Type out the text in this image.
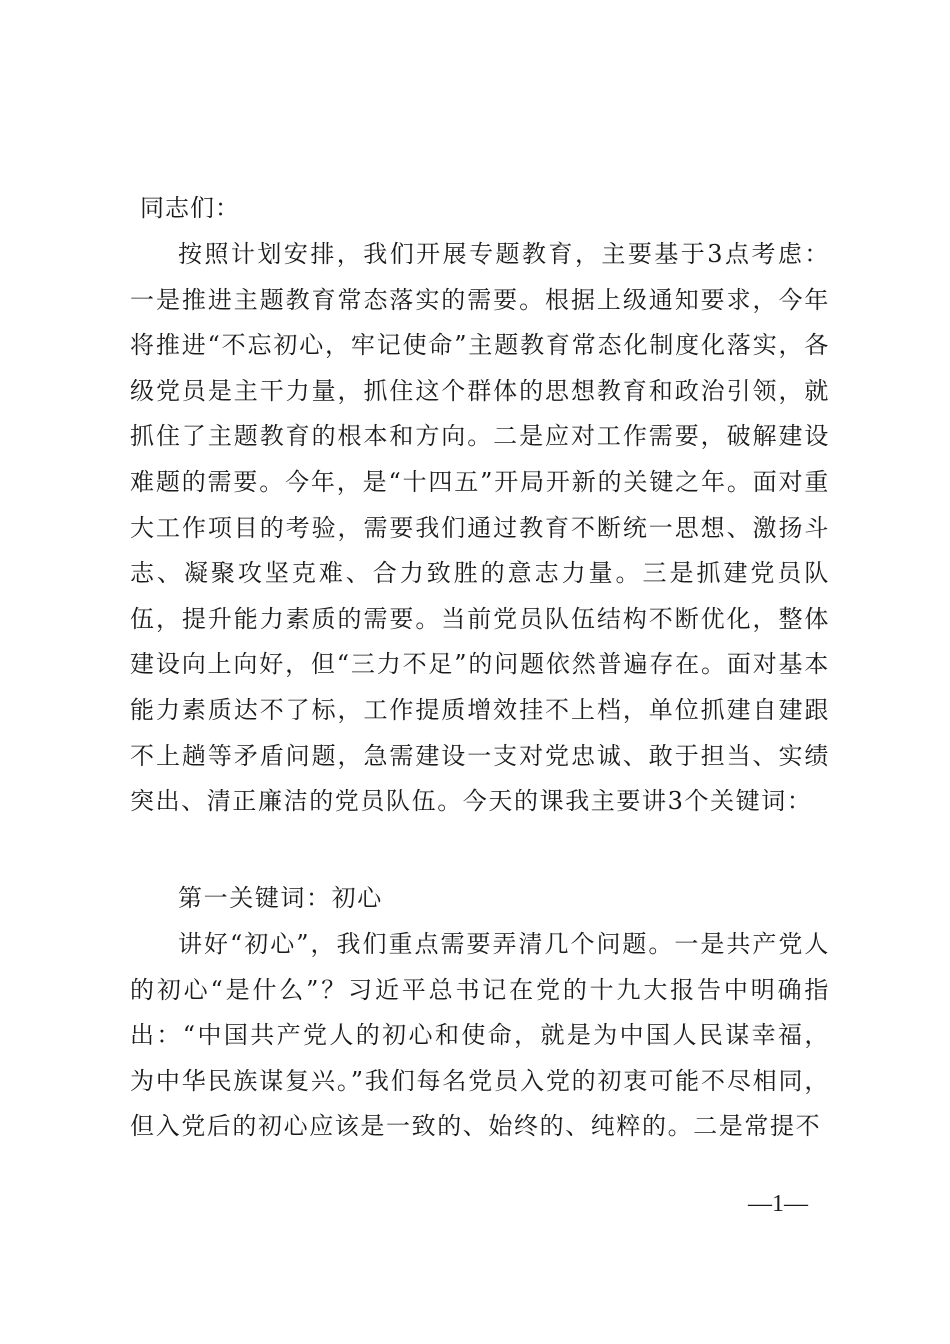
同志们：

按照计划安排，我们开展专题教育，主要基于3点考虑：一是推进主题教育常态落实的需要。根据上级通知要求，今年将推进“不忘初心，牢记使命”主题教育常态化制度化落实，各级党员是主干力量，抓住这个群体的思想教育和政治引领，就抓住了主题教育的根本和方向。二是应对工作需要，破解建设难题的需要。今年，是“十四五”开局开新的关键之年。面对重大工作项目的考验，需要我们通过教育不断统一思想、激扬斗志、凝聚攻坚克难、合力致胜的意志力量。三是抓建党员队伍，提升能力素质的需要。当前党员队伍结构不断优化，整体建设向上向好，但“三力不足”的问题依然普遍存在。面对基本能力素质达不了标，工作提质增效挂不上档，单位抓建自建跟不上趟等矛盾问题，急需建设一支对党忠诚、敢于担当、实绩突出、清正廉洁的党员队伍。今天的课我主要讲3个关键词：

第一关键词：初心

讲好“初心”，我们重点需要弄清几个问题。一是共产党人的初心“是什么”？习近平总书记在党的十九大报告中明确指出：“中国共产党人的初心和使命，就是为中国人民谋幸福，为中华民族谋复兴。”我们每名党员入党的初衷可能不尽相同，但入党后的初心应该是一致的、始终的、纯粹的。二是常提不

—1—
